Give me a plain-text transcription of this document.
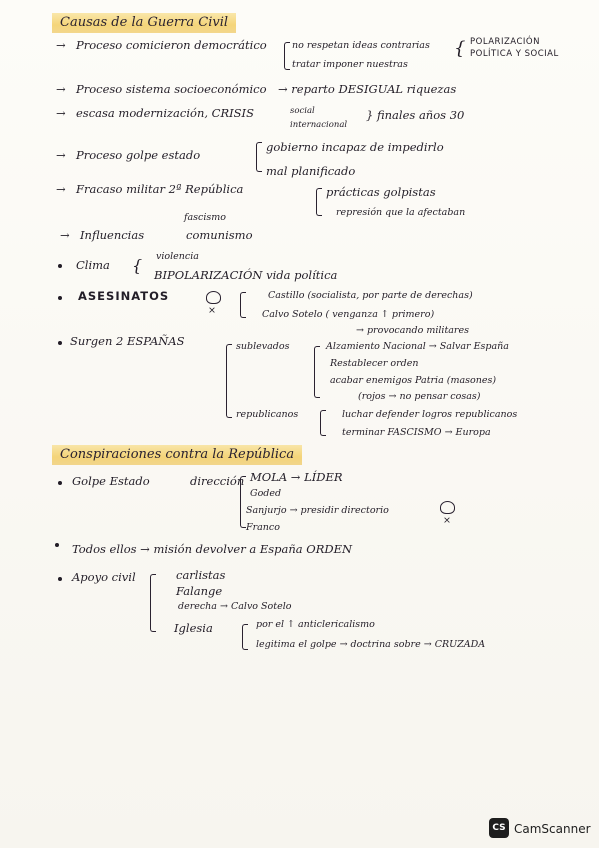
Causas de la Guerra Civil
→ Proceso comicieron democrático	no respetan ideas contrarias
tratar imponer nuestras
{ POLARIZACIÓN POLÍTICA Y SOCIAL
→ Proceso sistema socioeconómico → reparto DESIGUAL riquezas
→ escasa modernización, CRISIS	social
internacional
} finales años 30
→ Proceso golpe estado
gobierno incapaz de impedirlo
mal planificado
→ Fracaso militar 2ª República	prácticas golpistas
represión que la afectaban
→ Influencias
fascismo
comunismo
Clima { violencia
BIPOLARIZACIÓN vida política
ASESINATOS
×
Castillo (socialista, por parte de derechas)
Calvo Sotelo ( venganza ↑ primero)
→ provocando militares
Surgen 2 ESPAÑAS	sublevados	Alzamiento Nacional → Salvar España
Restablecer orden
acabar enemigos Patria (masones)
(rojos → no pensar cosas)
republicanos	luchar defender logros republicanos
terminar FASCISMO → Europa
Conspiraciones contra la República
Golpe Estado	dirección MOLA → LÍDER
Goded
Sanjurjo → presidir directorio
×
Franco
Todos ellos → misión devolver a España ORDEN
Apoyo civil	carlistas
Falange
derecha → Calvo Sotelo
Iglesia	por el ↑ anticlericalismo
legitima el golpe → doctrina sobre → CRUZADA
CS CamScanner
